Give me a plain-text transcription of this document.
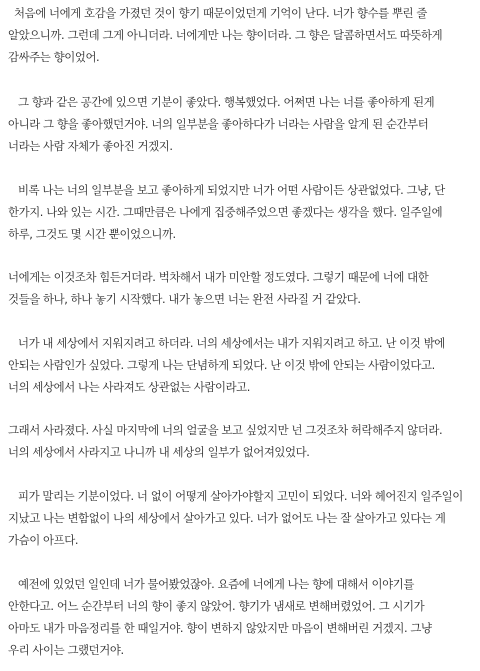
처음에 너에게 호감을 가졌던 것이 향기 때문이었던게 기억이 난다. 너가 향수를 뿌린 줄
알았으니까. 그런데 그게 아니더라. 너에게만 나는 향이더라. 그 향은 달콤하면서도 따뜻하게
감싸주는 향이었어.
그 향과 같은 공간에 있으면 기분이 좋았다. 행복했었다. 어쩌면 나는 너를 좋아하게 된게
아니라 그 향을 좋아했던거야. 너의 일부분을 좋아하다가 너라는 사람을 알게 된 순간부터
너라는 사람 자체가 좋아진 거겠지.
비록 나는 너의 일부분을 보고 좋아하게 되었지만 너가 어떤 사람이든 상관없었다. 그냥, 단
한가지. 나와 있는 시간. 그때만큼은 나에게 집중해주었으면 좋겠다는 생각을 했다. 일주일에
하루, 그것도 몇 시간 뿐이었으니까.
너에게는 이것조차 힘든거더라. 벅차해서 내가 미안할 정도였다. 그렇기 때문에 너에 대한
것들을 하나, 하나 놓기 시작했다. 내가 놓으면 너는 완전 사라질 거 같았다.
너가 내 세상에서 지워지려고 하더라. 너의 세상에서는 내가 지워지려고 하고. 난 이것 밖에
안되는 사람인가 싶었다. 그렇게 나는 단념하게 되었다. 난 이것 밖에 안되는 사람이었다고.
너의 세상에서 나는 사라져도 상관없는 사람이라고.
그래서 사라졌다. 사실 마지막에 너의 얼굴을 보고 싶었지만 넌 그것조차 허락해주지 않더라.
너의 세상에서 사라지고 나니까 내 세상의 일부가 없어져있었다.
피가 말리는 기분이었다. 너 없이 어떻게 살아가야할지 고민이 되었다. 너와 헤어진지 일주일이
지났고 나는 변함없이 나의 세상에서 살아가고 있다. 너가 없어도 나는 잘 살아가고 있다는 게
가슴이 아프다.
예전에 있었던 일인데 너가 물어봤었잖아. 요즘에 너에게 나는 향에 대해서 이야기를
안한다고. 어느 순간부터 너의 향이 좋지 않았어. 향기가 냄새로 변해버렸었어. 그 시기가
아마도 내가 마음정리를 한 때일거야. 향이 변하지 않았지만 마음이 변해버린 거겠지. 그냥
우리 사이는 그랬던거야.
